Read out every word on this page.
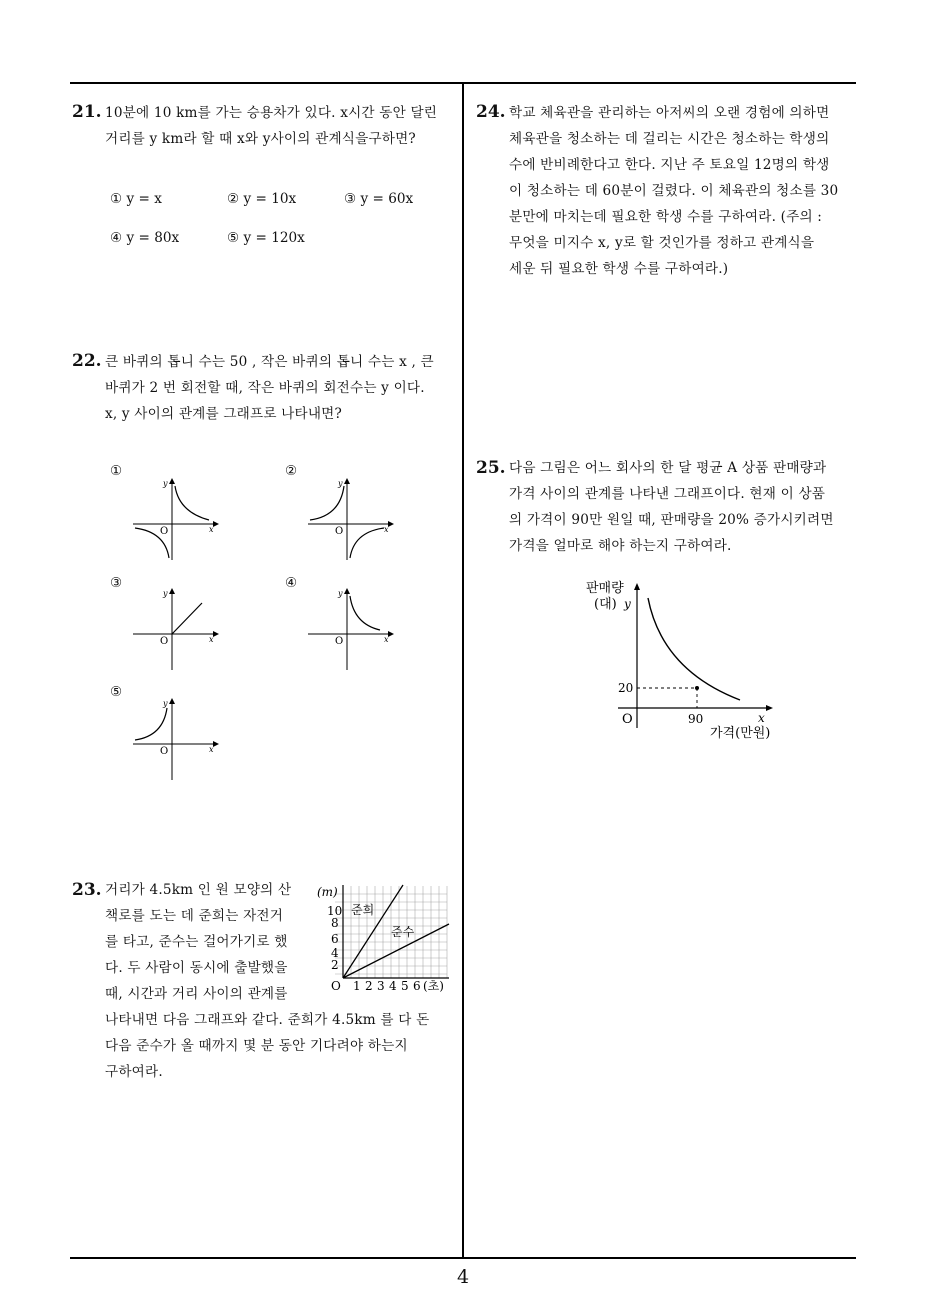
21. 10분에 10 km를 가는 승용차가 있다. x시간 동안 달린
거리를 y km라 할 때 x와 y사이의 관계식을구하면?
① y = x	② y = 10x	③ y = 60x
④ y = 80x	⑤ y = 120x
22. 큰 바퀴의 톱니 수는 50 , 작은 바퀴의 톱니 수는 x , 큰
바퀴가 2 번 회전할 때, 작은 바퀴의 회전수는 y 이다.
x, y 사이의 관계를 그래프로 나타내면?
①
O	x
y
②
O	x
y
③
O	x
y
④
O	x
y
⑤
O	x
y
23. 거리가 4.5km 인 원 모양의 산
책로를 도는 데 준희는 자전거
를 타고, 준수는 걸어가기로 했
다. 두 사람이 동시에 출발했을
때, 시간과 거리 사이의 관계를
나타내면 다음 그래프와 같다. 준희가 4.5km 를 다 돈
다음 준수가 올 때까지 몇 분 동안 기다려야 하는지
구하여라.
(m)
10
8
6
4
2
O 1 2 3 4 5 6 (초)
준희
준수
24. 학교 체육관을 관리하는 아저씨의 오랜 경험에 의하면
체육관을 청소하는 데 걸리는 시간은 청소하는 학생의
수에 반비례한다고 한다. 지난 주 토요일 12명의 학생
이 청소하는 데 60분이 걸렸다. 이 체육관의 청소를 30
분만에 마치는데 필요한 학생 수를 구하여라. (주의 :
무엇을 미지수 x, y로 할 것인가를 정하고 관계식을
세운 뒤 필요한 학생 수를 구하여라.)
25. 다음 그림은 어느 회사의 한 달 평균 A 상품 판매량과
가격 사이의 관계를 나타낸 그래프이다. 현재 이 상품
의 가격이 90만 원일 때, 판매량을 20% 증가시키려면
가격을 얼마로 해야 하는지 구하여라.
판매량
(대) y
20
O	90	x
가격(만원)
4
